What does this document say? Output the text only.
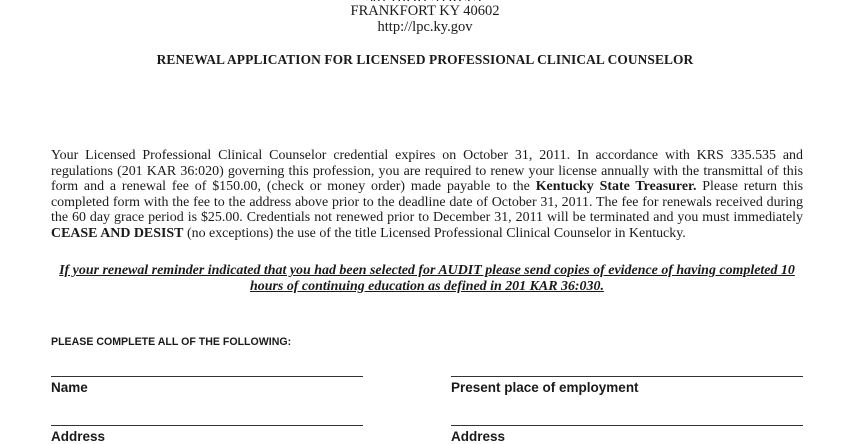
FRANKFORT KY 40602
http://lpc.ky.gov
RENEWAL APPLICATION FOR LICENSED PROFESSIONAL CLINICAL COUNSELOR
Your Licensed Professional Clinical Counselor credential expires on October 31, 2011. In accordance with KRS 335.535 and regulations (201 KAR 36:020) governing this profession, you are required to renew your license annually with the transmittal of this form and a renewal fee of $150.00, (check or money order) made payable to the Kentucky State Treasurer. Please return this completed form with the fee to the address above prior to the deadline date of October 31, 2011. The fee for renewals received during the 60 day grace period is $25.00. Credentials not renewed prior to December 31, 2011 will be terminated and you must immediately CEASE AND DESIST (no exceptions) the use of the title Licensed Professional Clinical Counselor in Kentucky.
If your renewal reminder indicated that you had been selected for AUDIT please send copies of evidence of having completed 10 hours of continuing education as defined in 201 KAR 36:030.
PLEASE COMPLETE ALL OF THE FOLLOWING:
Name	Present place of employment
Address	Address
